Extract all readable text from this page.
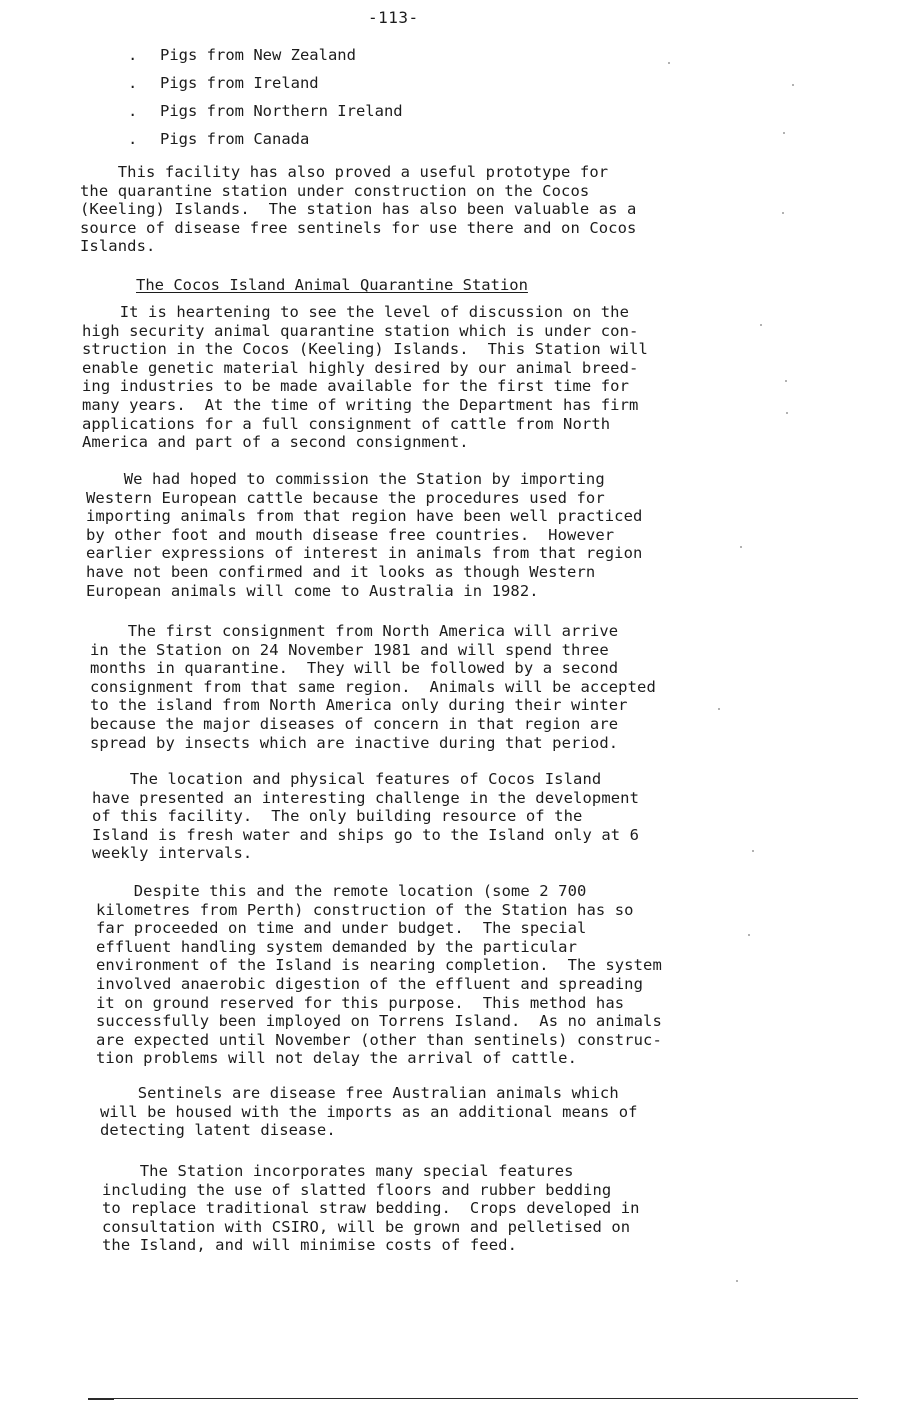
-113-
. Pigs from New Zealand
. Pigs from Ireland
. Pigs from Northern Ireland
. Pigs from Canada

This facility has also proved a useful prototype for
the quarantine station under construction on the Cocos
(Keeling) Islands.  The station has also been valuable as a
source of disease free sentinels for use there and on Cocos
Islands.

The Cocos Island Animal Quarantine Station

It is heartening to see the level of discussion on the
high security animal quarantine station which is under con-
struction in the Cocos (Keeling) Islands.  This Station will
enable genetic material highly desired by our animal breed-
ing industries to be made available for the first time for
many years.  At the time of writing the Department has firm
applications for a full consignment of cattle from North
America and part of a second consignment.

We had hoped to commission the Station by importing
Western European cattle because the procedures used for
importing animals from that region have been well practiced
by other foot and mouth disease free countries.  However
earlier expressions of interest in animals from that region
have not been confirmed and it looks as though Western
European animals will come to Australia in 1982.

The first consignment from North America will arrive
in the Station on 24 November 1981 and will spend three
months in quarantine.  They will be followed by a second
consignment from that same region.  Animals will be accepted
to the island from North America only during their winter
because the major diseases of concern in that region are
spread by insects which are inactive during that period.

The location and physical features of Cocos Island
have presented an interesting challenge in the development
of this facility.  The only building resource of the
Island is fresh water and ships go to the Island only at 6
weekly intervals.

Despite this and the remote location (some 2 700
kilometres from Perth) construction of the Station has so
far proceeded on time and under budget.  The special
effluent handling system demanded by the particular
environment of the Island is nearing completion.  The system
involved anaerobic digestion of the effluent and spreading
it on ground reserved for this purpose.  This method has
successfully been imployed on Torrens Island.  As no animals
are expected until November (other than sentinels) construc-
tion problems will not delay the arrival of cattle.

Sentinels are disease free Australian animals which
will be housed with the imports as an additional means of
detecting latent disease.

The Station incorporates many special features
including the use of slatted floors and rubber bedding
to replace traditional straw bedding.  Crops developed in
consultation with CSIRO, will be grown and pelletised on
the Island, and will minimise costs of feed.
